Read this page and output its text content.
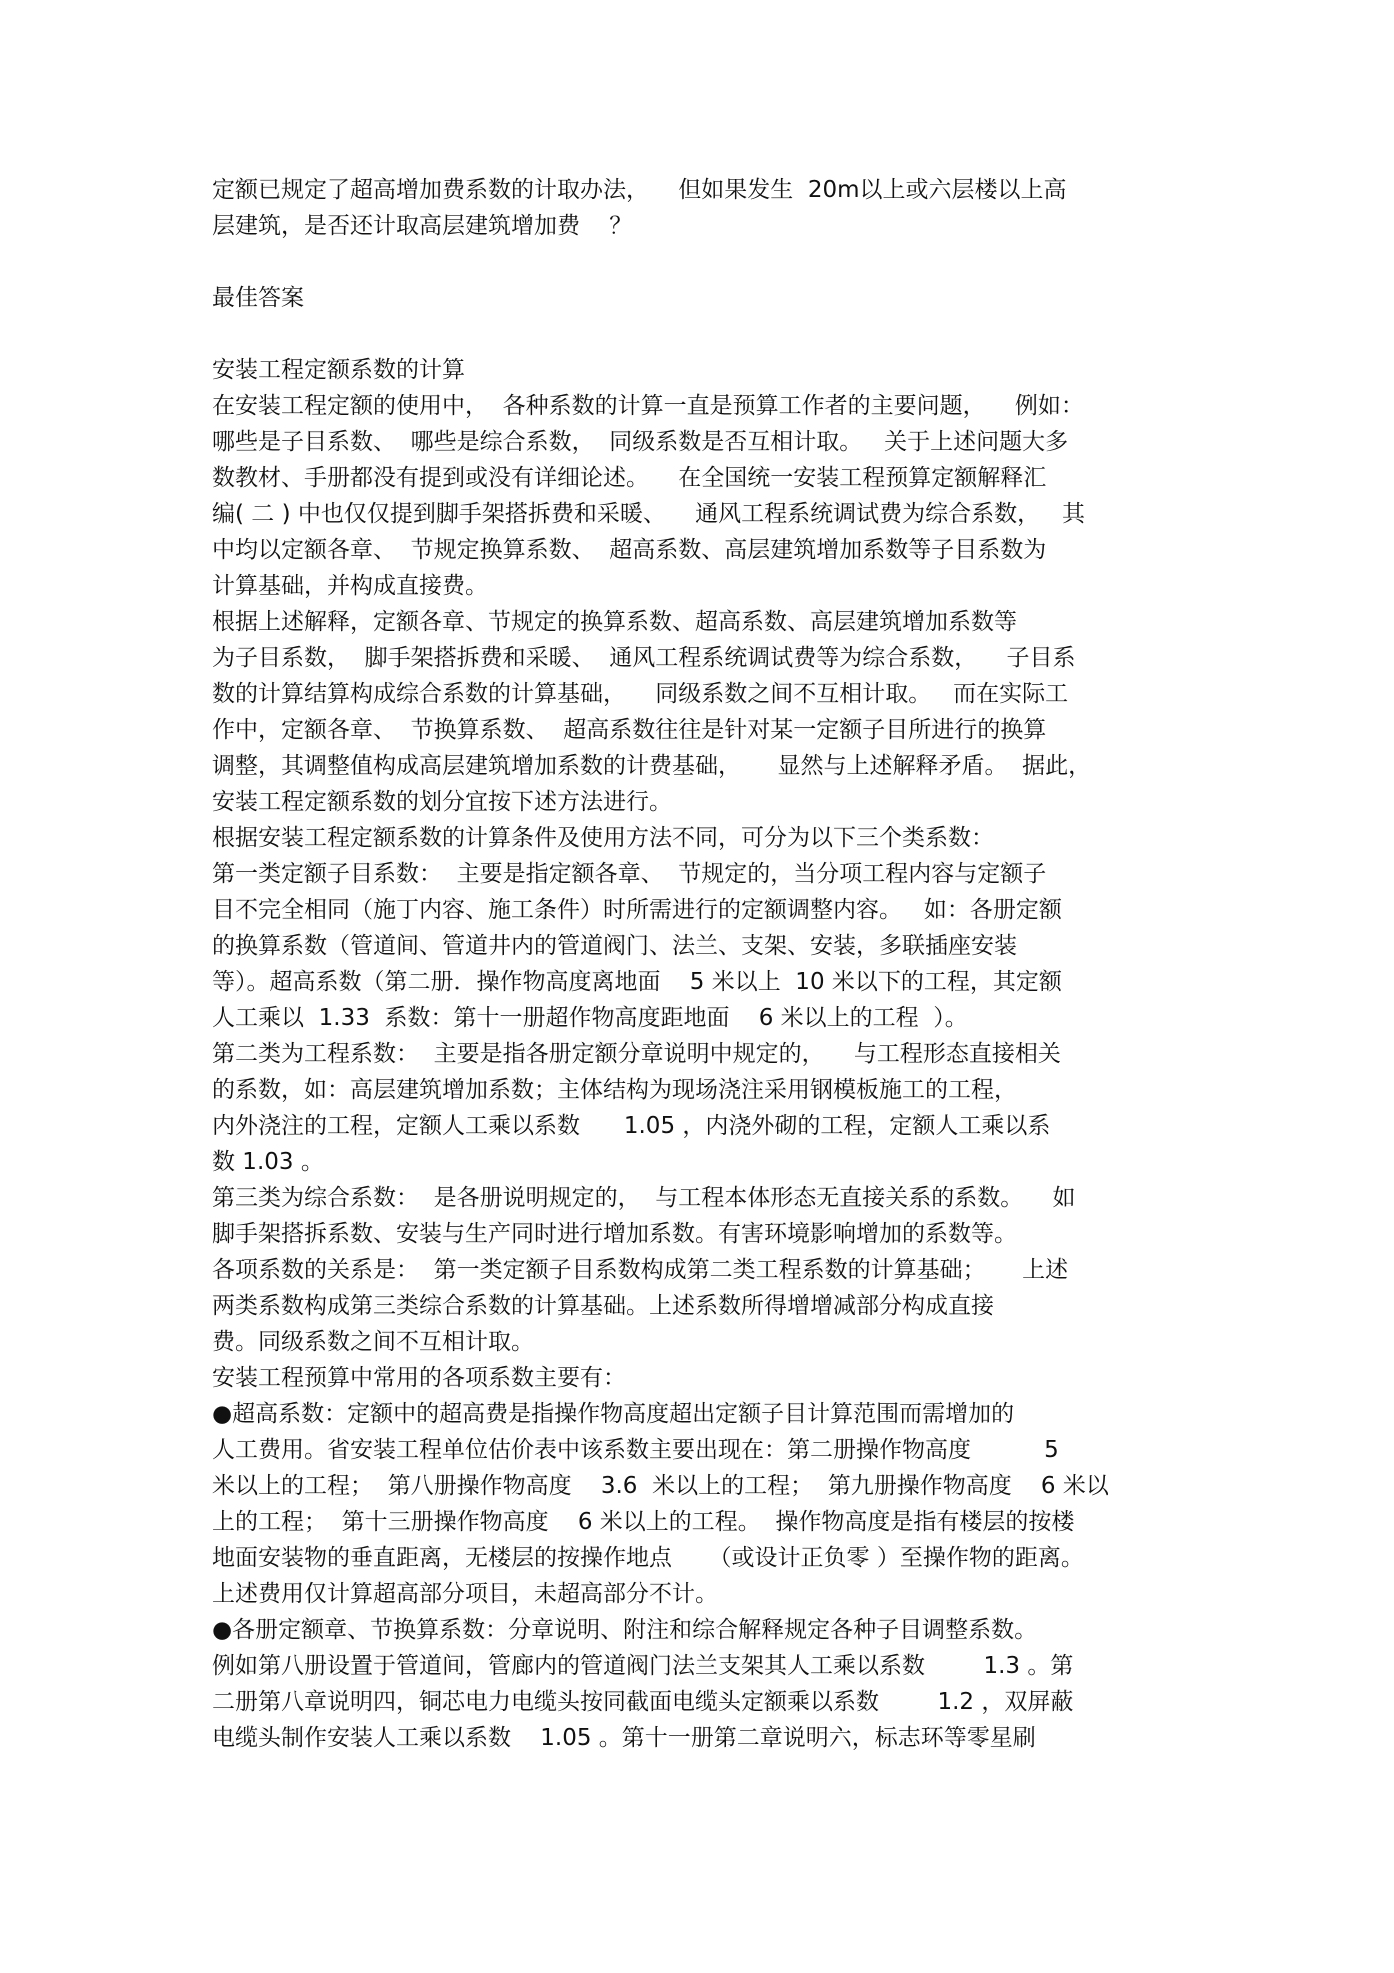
定额已规定了超高增加费系数的计取办法，    但如果发生  20m以上或六层楼以上高
层建筑，是否还计取高层建筑增加费    ？
最佳答案
安装工程定额系数的计算
在安装工程定额的使用中，  各种系数的计算一直是预算工作者的主要问题，    例如：
哪些是子目系数、  哪些是综合系数，  同级系数是否互相计取。   关于上述问题大多
数教材、手册都没有提到或没有详细论述。    在全国统一安装工程预算定额解释汇
编( 二 ) 中也仅仅提到脚手架搭拆费和采暖、    通风工程系统调试费为综合系数，   其
中均以定额各章、  节规定换算系数、  超高系数、高层建筑增加系数等子目系数为
计算基础，并构成直接费。
根据上述解释，定额各章、节规定的换算系数、超高系数、高层建筑增加系数等
为子目系数，  脚手架搭拆费和采暖、  通风工程系统调试费等为综合系数，    子目系
数的计算结算构成综合系数的计算基础，    同级系数之间不互相计取。   而在实际工
作中，定额各章、  节换算系数、  超高系数往往是针对某一定额子目所进行的换算
调整，其调整值构成高层建筑增加系数的计费基础，     显然与上述解释矛盾。  据此，
安装工程定额系数的划分宜按下述方法进行。
根据安装工程定额系数的计算条件及使用方法不同，可分为以下三个类系数：
第一类定额子目系数：  主要是指定额各章、  节规定的，当分项工程内容与定额子
目不完全相同（施丁内容、施工条件）时所需进行的定额调整内容。   如：各册定额
的换算系数（管道间、管道井内的管道阀门、法兰、支架、安装，多联插座安装
等）。超高系数（第二册．操作物高度离地面    5 米以上  10 米以下的工程，其定额
人工乘以  1.33  系数：第十一册超作物高度距地面    6 米以上的工程  ）。
第二类为工程系数：  主要是指各册定额分章说明中规定的，    与工程形态直接相关
的系数，如：高层建筑增加系数；主体结构为现场浇注采用钢模板施工的工程，
内外浇注的工程，定额人工乘以系数      1.05 ，内浇外砌的工程，定额人工乘以系
数 1.03 。
第三类为综合系数：  是各册说明规定的，  与工程本体形态无直接关系的系数。    如
脚手架搭拆系数、安装与生产同时进行增加系数。有害环境影响增加的系数等。
各项系数的关系是：  第一类定额子目系数构成第二类工程系数的计算基础；     上述
两类系数构成第三类综合系数的计算基础。上述系数所得增增减部分构成直接
费。同级系数之间不互相计取。
安装工程预算中常用的各项系数主要有：
●超高系数：定额中的超高费是指操作物高度超出定额子目计算范围而需增加的
人工费用。省安装工程单位估价表中该系数主要出现在：第二册操作物高度          5
米以上的工程；  第八册操作物高度    3.6  米以上的工程；  第九册操作物高度    6 米以
上的工程；  第十三册操作物高度    6 米以上的工程。  操作物高度是指有楼层的按楼
地面安装物的垂直距离，无楼层的按操作地点     （或设计正负零 ）至操作物的距离。
上述费用仅计算超高部分项目，未超高部分不计。
●各册定额章、节换算系数：分章说明、附注和综合解释规定各种子目调整系数。
例如第八册设置于管道间，管廊内的管道阀门法兰支架其人工乘以系数        1.3 。第
二册第八章说明四，铜芯电力电缆头按同截面电缆头定额乘以系数        1.2 ，双屏蔽
电缆头制作安装人工乘以系数    1.05 。第十一册第二章说明六，标志环等零星刷
